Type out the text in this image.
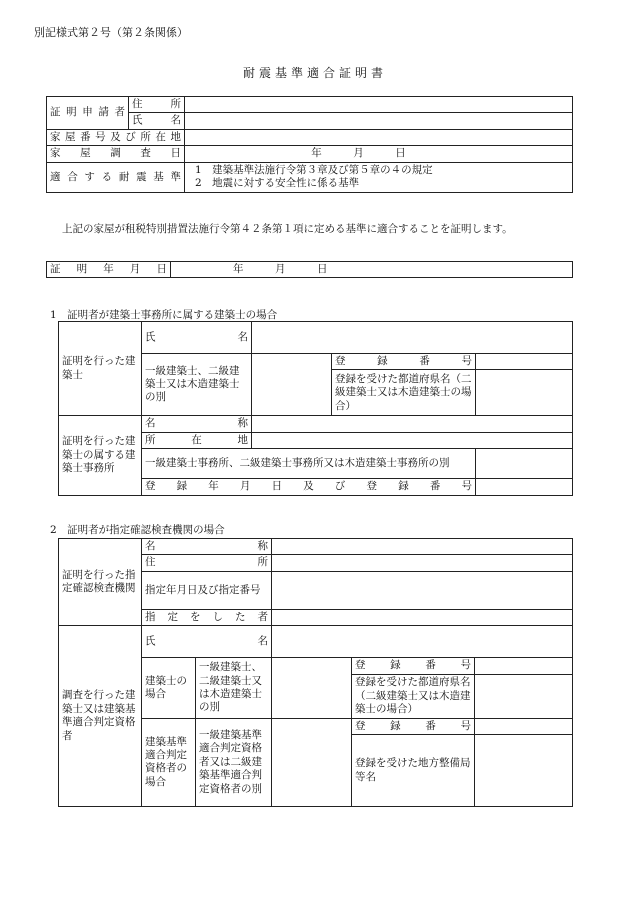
別記様式第２号（第２条関係）
耐震基準適合証明書
証明申請者	住　所	
	氏　名	
家屋番号及び所在地		
家　屋　調　査　日		年　　　月　　　日
適合する耐震基準		1　建築基準法施行令第３章及び第５章の４の規定
2　地震に対する安全性に係る基準
上記の家屋が租税特別措置法施行令第４２条第１項に定める基準に適合することを証明します。
証　明　年　月　日	年　　　月　　　日
1　証明者が建築士事務所に属する建築士の場合
証明を行った建築士	氏　　名			
	一級建築士、二級建築士又は木造建築士の別		登　録　番　号	
			登録を受けた都道府県名（二級建築士又は木造建築士の場合）	
証明を行った建築士の属する建築士事務所	名　　称			
	所　在　地			
	一級建築士事務所、二級建築士事務所又は木造建築士事務所の別			
	登録年月日及び登録番号			
2　証明者が指定確認検査機関の場合
証明を行った指定確認検査機関	名　　称				
	住　　所				
	指定年月日及び指定番号				
	指定をした者				
調査を行った建築士又は建築基準適合判定資格者	氏　　名				
	建築士の場合	一級建築士、二級建築士又は木造建築士の別		登　録　番　号	
				登録を受けた都道府県名（二級建築士又は木造建築士の場合）	
	建築基準適合判定資格者の場合	一級建築基準適合判定資格者又は二級建築基準適合判定資格者の別		登　録　番　号	
				登録を受けた地方整備局等名	
